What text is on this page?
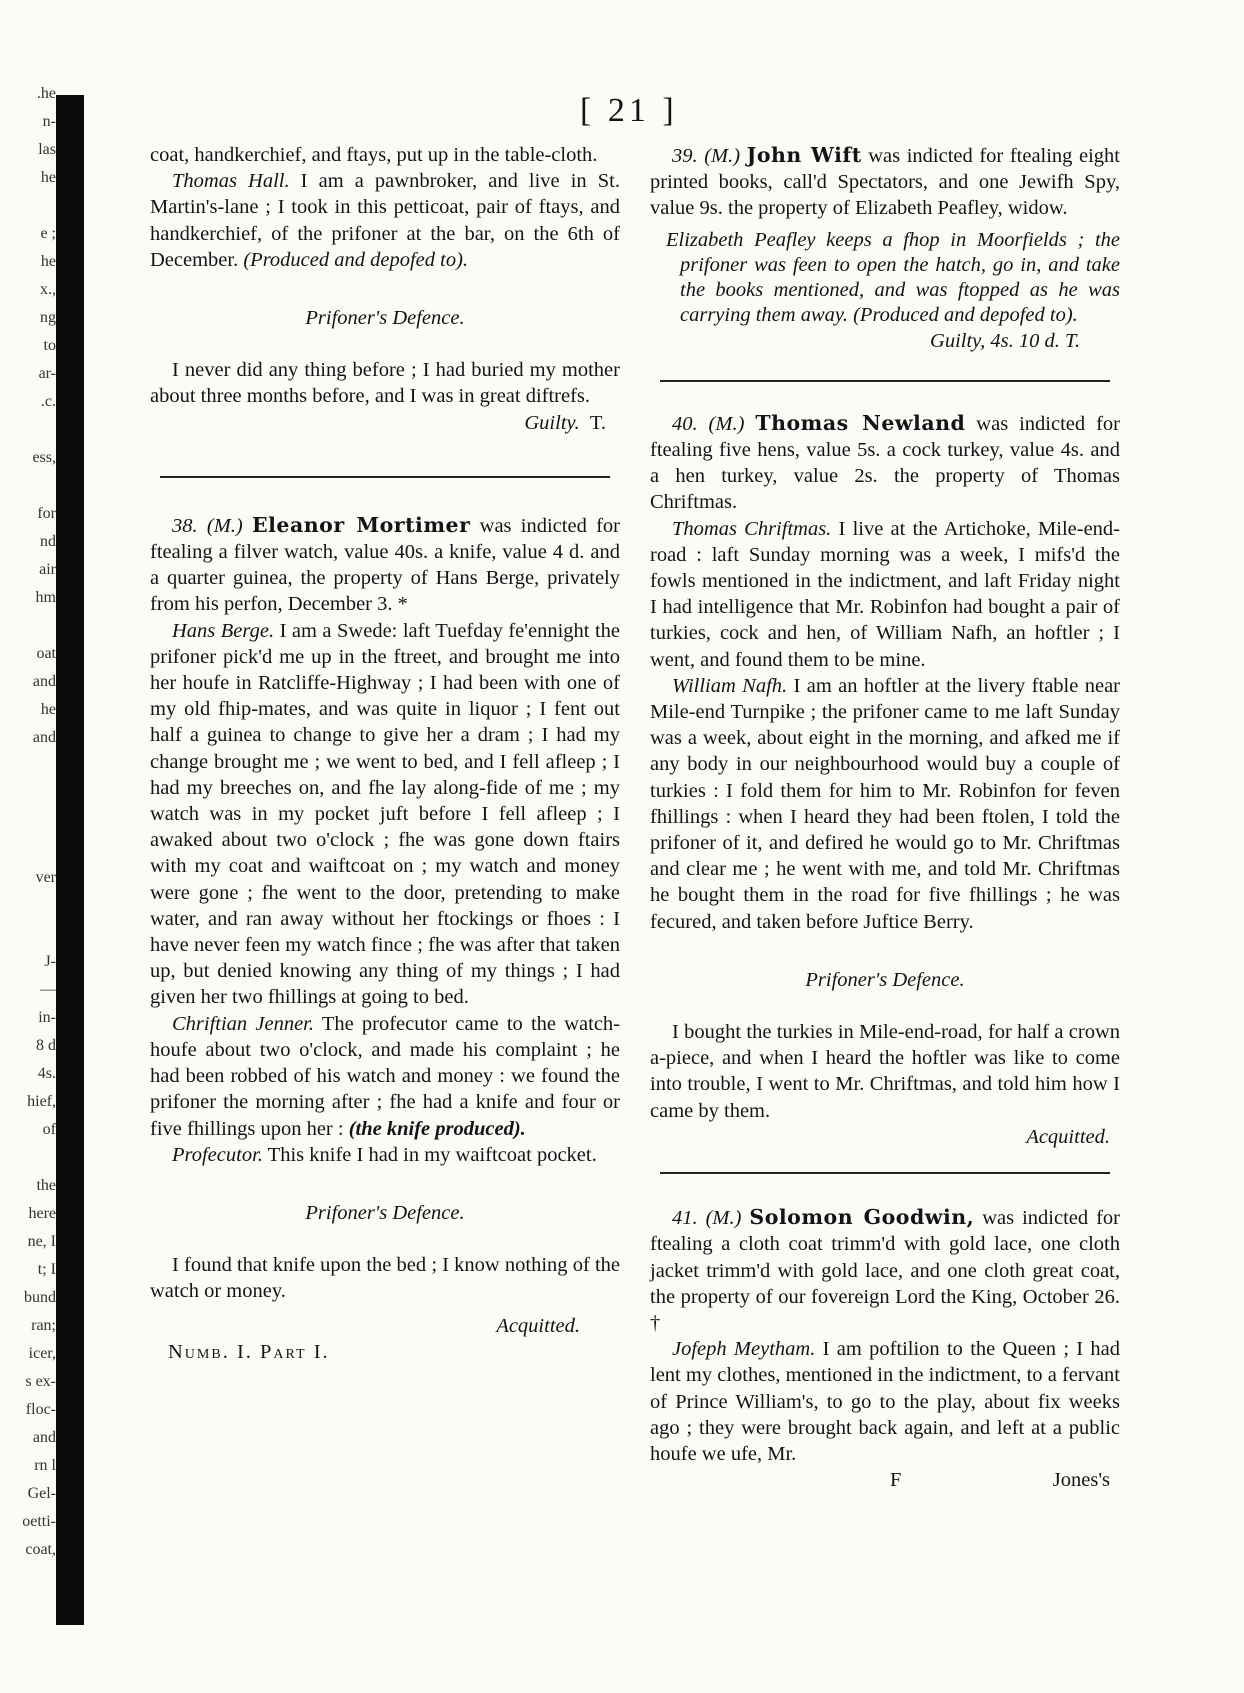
.he
n-
las
he
e ;
he
x.,
ng
to
ar-
.c.
ess,
for
nd
air
hm
oat
and
he
and
ver
J-
—
in-
8 d
4s.
hief,
of
the
here
ne, I
t; I
bund
ran;
icer,
s ex-
floc-
and
rn l
Gel-
oetti-
coat,
[ 21 ]

coat, handkerchief, and ftays, put up in the table-cloth.

Thomas Hall. I am a pawnbroker, and live in St. Martin's-lane ; I took in this petticoat, pair of ftays, and handkerchief, of the prifoner at the bar, on the 6th of December. (Produced and depofed to).

Prifoner's Defence.

I never did any thing before ; I had buried my mother about three months before, and I was in great diftrefs.

Guilty. T.

38. (M.) Eleanor Mortimer was indicted for ftealing a filver watch, value 40s. a knife, value 4 d. and a quarter guinea, the property of Hans Berge, privately from his perfon, December 3. *

Hans Berge. I am a Swede: laft Tuefday fe'ennight the prifoner pick'd me up in the ftreet, and brought me into her houfe in Ratcliffe-Highway ; I had been with one of my old fhip-mates, and was quite in liquor ; I fent out half a guinea to change to give her a dram ; I had my change brought me ; we went to bed, and I fell afleep ; I had my breeches on, and fhe lay along-fide of me ; my watch was in my pocket juft before I fell afleep ; I awaked about two o'clock ; fhe was gone down ftairs with my coat and waiftcoat on ; my watch and money were gone ; fhe went to the door, pretending to make water, and ran away without her ftockings or fhoes : I have never feen my watch fince ; fhe was after that taken up, but denied knowing any thing of my things ; I had given her two fhillings at going to bed.

Chriftian Jenner. The profecutor came to the watch-houfe about two o'clock, and made his complaint ; he had been robbed of his watch and money : we found the prifoner the morning after ; fhe had a knife and four or five fhillings upon her : (the knife produced).

Profecutor. This knife I had in my waiftcoat pocket.

Prifoner's Defence.

I found that knife upon the bed ; I know nothing of the watch or money.

Acquitted.

Numb. I. Part I.

39. (M.) John Wift was indicted for ftealing eight printed books, call'd Spectators, and one Jewifh Spy, value 9s. the property of Elizabeth Peafley, widow.

Elizabeth Peafley keeps a fhop in Moorfields ; the prifoner was feen to open the hatch, go in, and take the books mentioned, and was ftopped as he was carrying them away. (Produced and depofed to).

Guilty, 4s. 10 d. T.

40. (M.) Thomas Newland was indicted for ftealing five hens, value 5s. a cock turkey, value 4s. and a hen turkey, value 2s. the property of Thomas Chriftmas.

Thomas Chriftmas. I live at the Artichoke, Mile-end-road : laft Sunday morning was a week, I mifs'd the fowls mentioned in the indictment, and laft Friday night I had intelligence that Mr. Robinfon had bought a pair of turkies, cock and hen, of William Nafh, an hoftler ; I went, and found them to be mine.

William Nafh. I am an hoftler at the livery ftable near Mile-end Turnpike ; the prifoner came to me laft Sunday was a week, about eight in the morning, and afked me if any body in our neighbourhood would buy a couple of turkies : I fold them for him to Mr. Robinfon for feven fhillings : when I heard they had been ftolen, I told the prifoner of it, and defired he would go to Mr. Chriftmas and clear me ; he went with me, and told Mr. Chriftmas he bought them in the road for five fhillings ; he was fecured, and taken before Juftice Berry.

Prifoner's Defence.

I bought the turkies in Mile-end-road, for half a crown a-piece, and when I heard the hoftler was like to come into trouble, I went to Mr. Chriftmas, and told him how I came by them.

Acquitted.

41. (M.) Solomon Goodwin, was indicted for ftealing a cloth coat trimm'd with gold lace, one cloth jacket trimm'd with gold lace, and one cloth great coat, the property of our fovereign Lord the King, October 26. †

Jofeph Meytham. I am poftilion to the Queen ; I had lent my clothes, mentioned in the indictment, to a fervant of Prince William's, to go to the play, about fix weeks ago ; they were brought back again, and left at a public houfe we ufe, Mr.

F	Jones's
